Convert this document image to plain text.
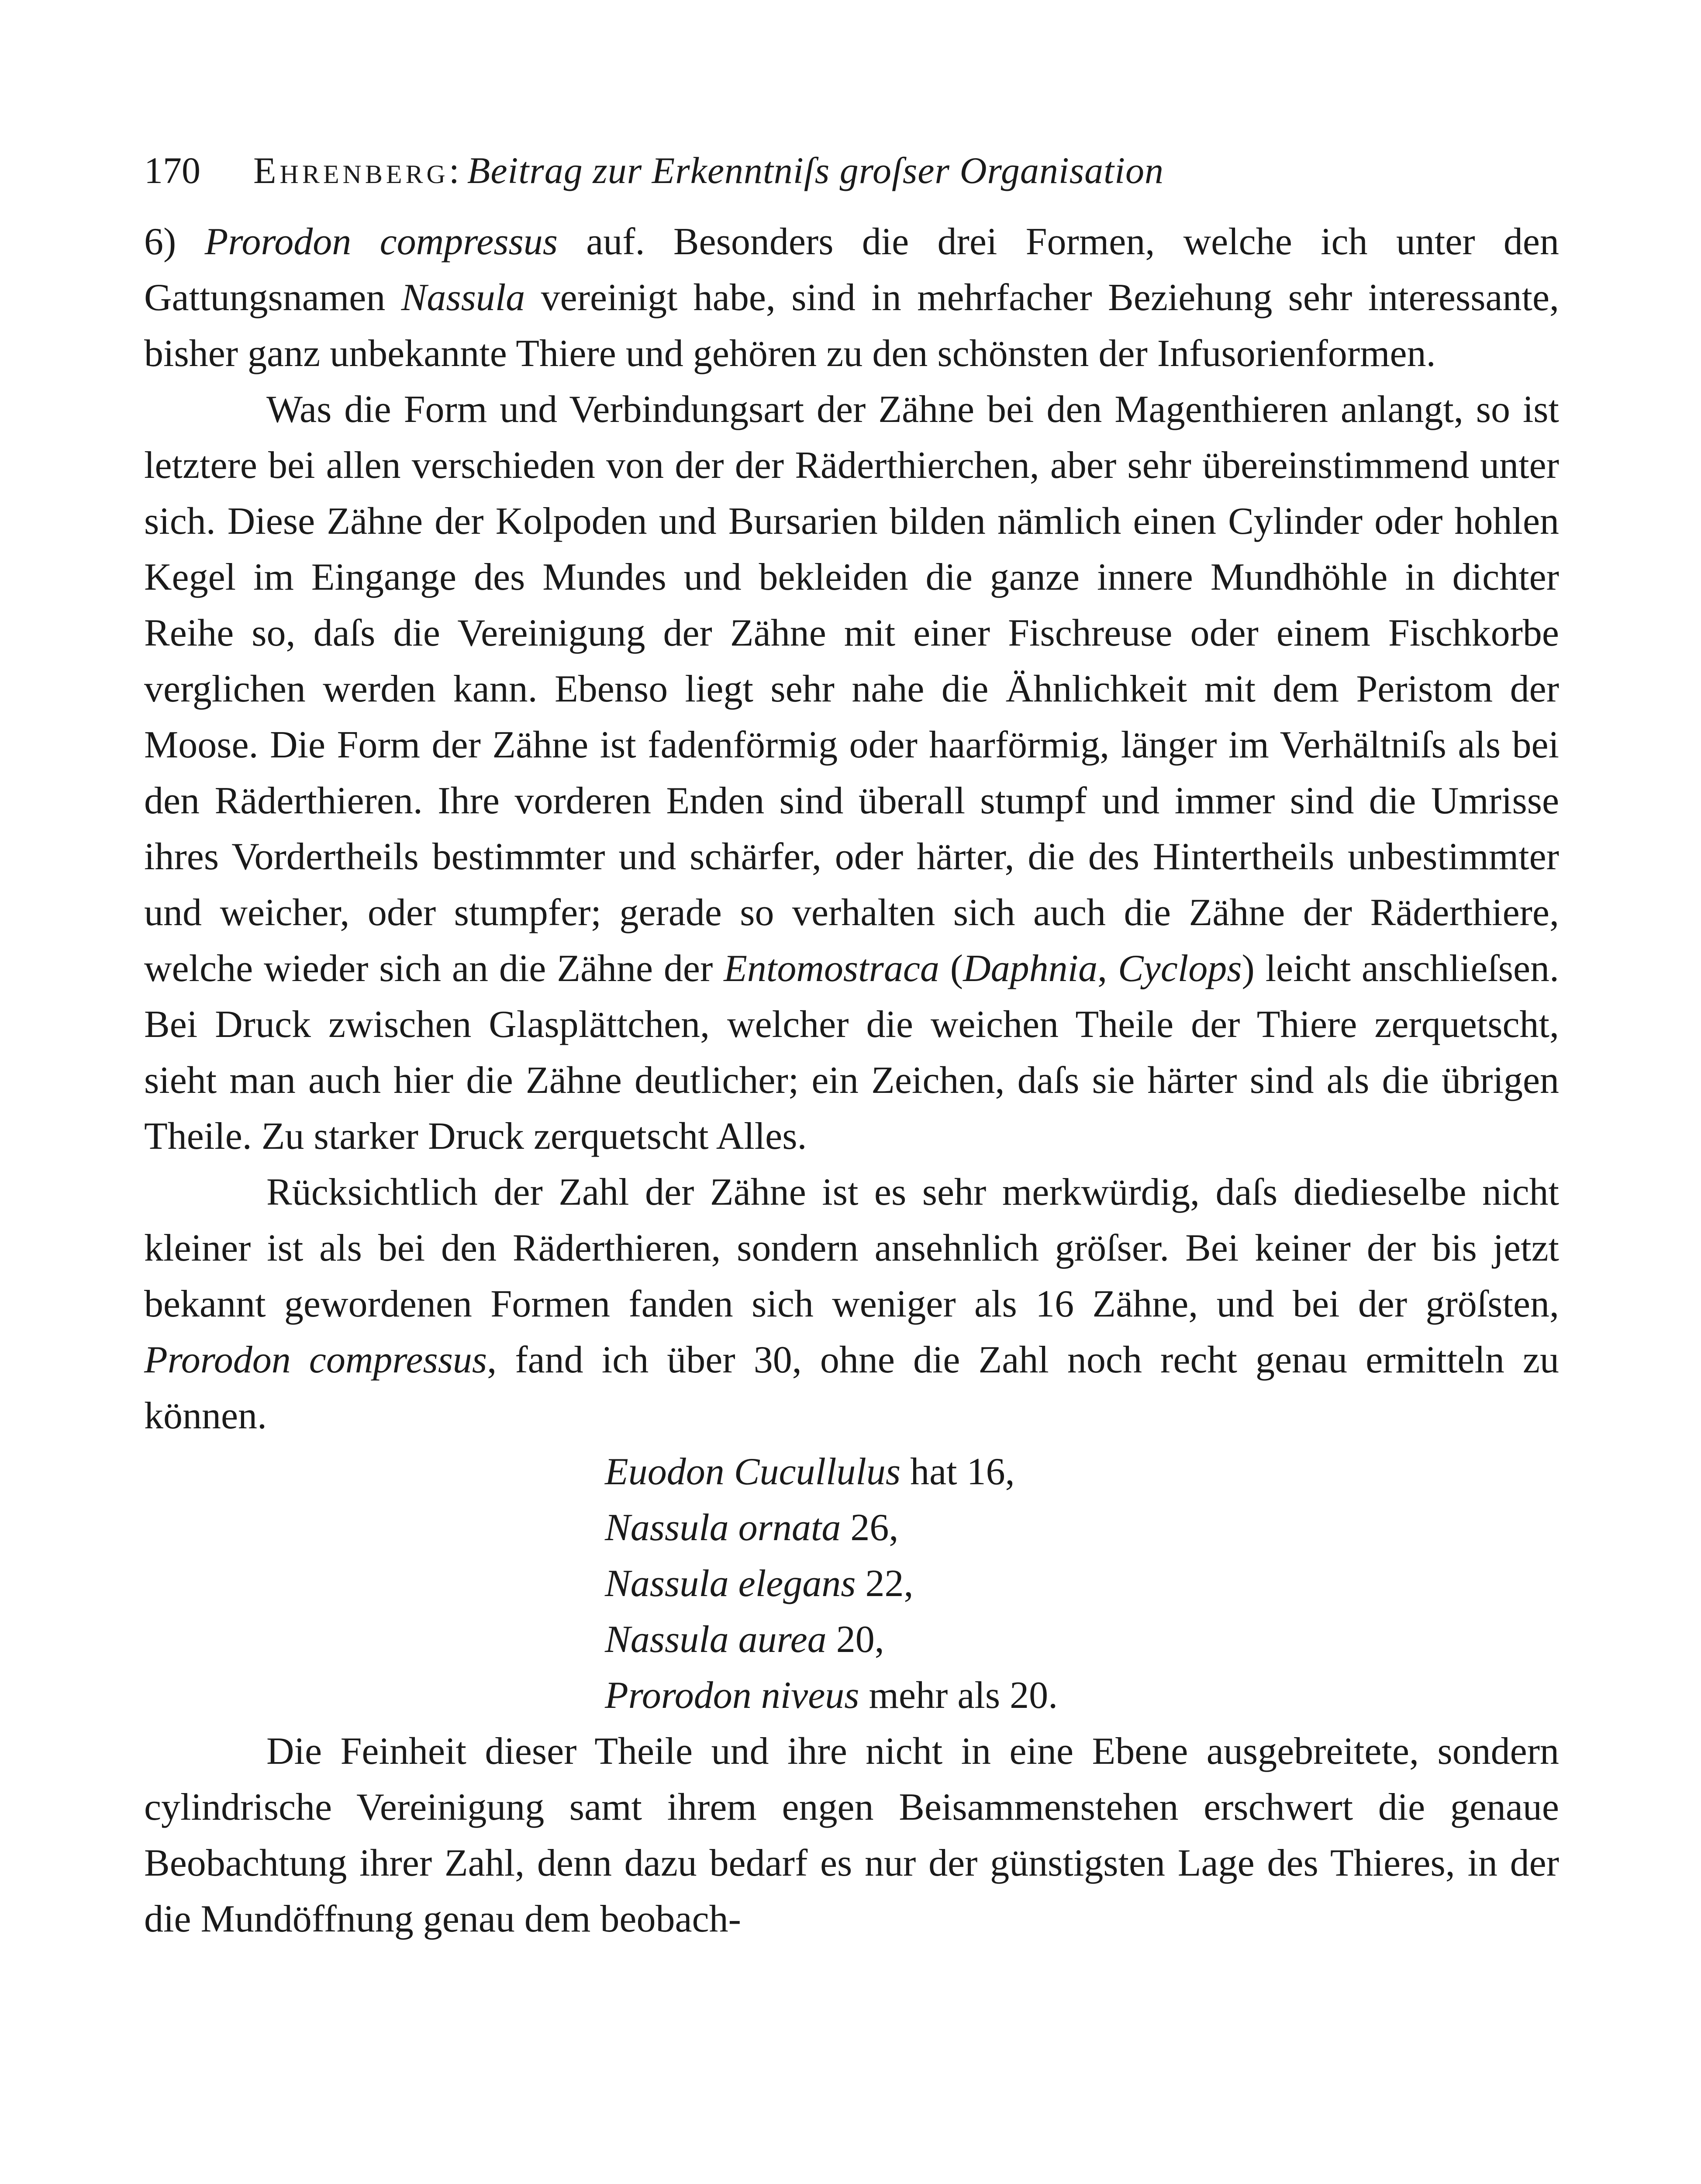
170	Ehrenberg: Beitrag zur Erkenntniſs groſser Organisation

6) Prorodon compressus auf. Besonders die drei Formen, welche ich unter den Gattungsnamen Nassula vereinigt habe, sind in mehrfacher Beziehung sehr interessante, bisher ganz unbekannte Thiere und gehören zu den schönsten der Infusorienformen.

Was die Form und Verbindungsart der Zähne bei den Magenthieren anlangt, so ist letztere bei allen verschieden von der der Räderthierchen, aber sehr übereinstimmend unter sich. Diese Zähne der Kolpoden und Bursarien bilden nämlich einen Cylinder oder hohlen Kegel im Eingange des Mundes und bekleiden die ganze innere Mundhöhle in dichter Reihe so, daſs die Vereinigung der Zähne mit einer Fischreuse oder einem Fischkorbe verglichen werden kann. Ebenso liegt sehr nahe die Ähnlichkeit mit dem Peristom der Moose. Die Form der Zähne ist fadenförmig oder haarförmig, länger im Verhältniſs als bei den Räderthieren. Ihre vorderen Enden sind überall stumpf und immer sind die Umrisse ihres Vordertheils bestimmter und schärfer, oder härter, die des Hintertheils unbestimmter und weicher, oder stumpfer; gerade so verhalten sich auch die Zähne der Räderthiere, welche wieder sich an die Zähne der Entomostraca (Daphnia, Cyclops) leicht anschlieſsen. Bei Druck zwischen Glasplättchen, welcher die weichen Theile der Thiere zerquetscht, sieht man auch hier die Zähne deutlicher; ein Zeichen, daſs sie härter sind als die übrigen Theile. Zu starker Druck zerquetscht Alles.

Rücksichtlich der Zahl der Zähne ist es sehr merkwürdig, daſs diedieselbe nicht kleiner ist als bei den Räderthieren, sondern ansehnlich gröſser. Bei keiner der bis jetzt bekannt gewordenen Formen fanden sich weniger als 16 Zähne, und bei der gröſsten, Prorodon compressus, fand ich über 30, ohne die Zahl noch recht genau ermitteln zu können.

Euodon Cucullulus hat 16,
Nassula ornata 26,
Nassula elegans 22,
Nassula aurea 20,
Prorodon niveus mehr als 20.

Die Feinheit dieser Theile und ihre nicht in eine Ebene ausgebreitete, sondern cylindrische Vereinigung samt ihrem engen Beisammenstehen erschwert die genaue Beobachtung ihrer Zahl, denn dazu bedarf es nur der günstigsten Lage des Thieres, in der die Mundöffnung genau dem beobach-
